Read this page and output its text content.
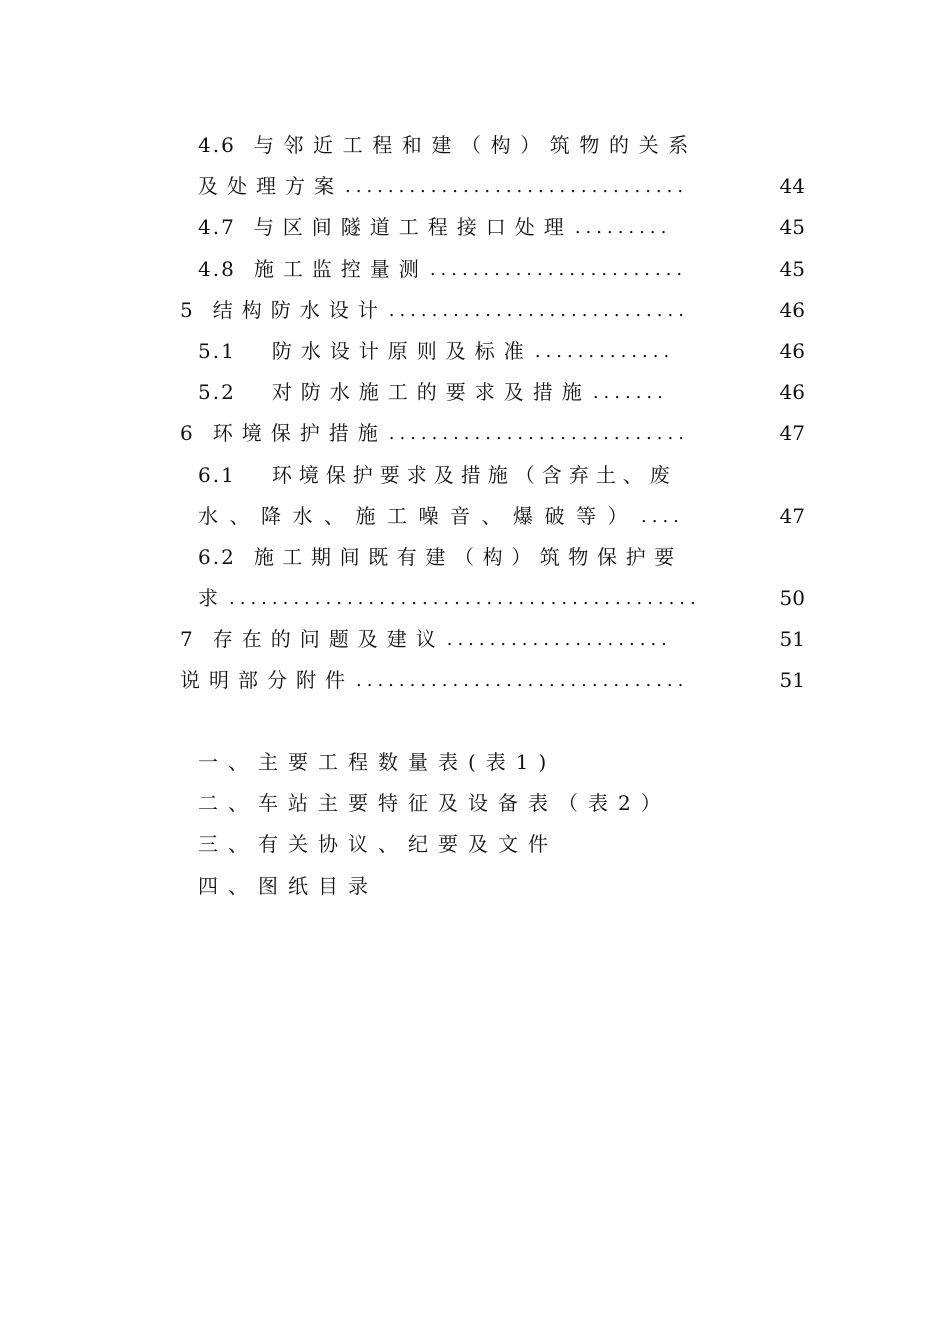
4.6 与邻近工程和建（构）筑物的关系
及处理方案 ................................	44
4.7 与区间隧道工程接口处理 .........	45
4.8 施工监控量测 ........................	45
5 结构防水设计 ............................	46
5.1 防水设计原则及标准 .............	46
5.2 对防水施工的要求及措施 .......	46
6 环境保护措施 ............................	47
6.1 环境保护要求及措施（含弃土、废
水、降水、施工噪音、爆破等） ....	47
6.2 施工期间既有建（构）筑物保护要
求 ............................................	50
7 存在的问题及建议 .....................	51
说明部分附件 ...............................	51
一、主要工程数量表(表1)
二、车站主要特征及设备表（表2）
三、有关协议、纪要及文件
四、图纸目录
